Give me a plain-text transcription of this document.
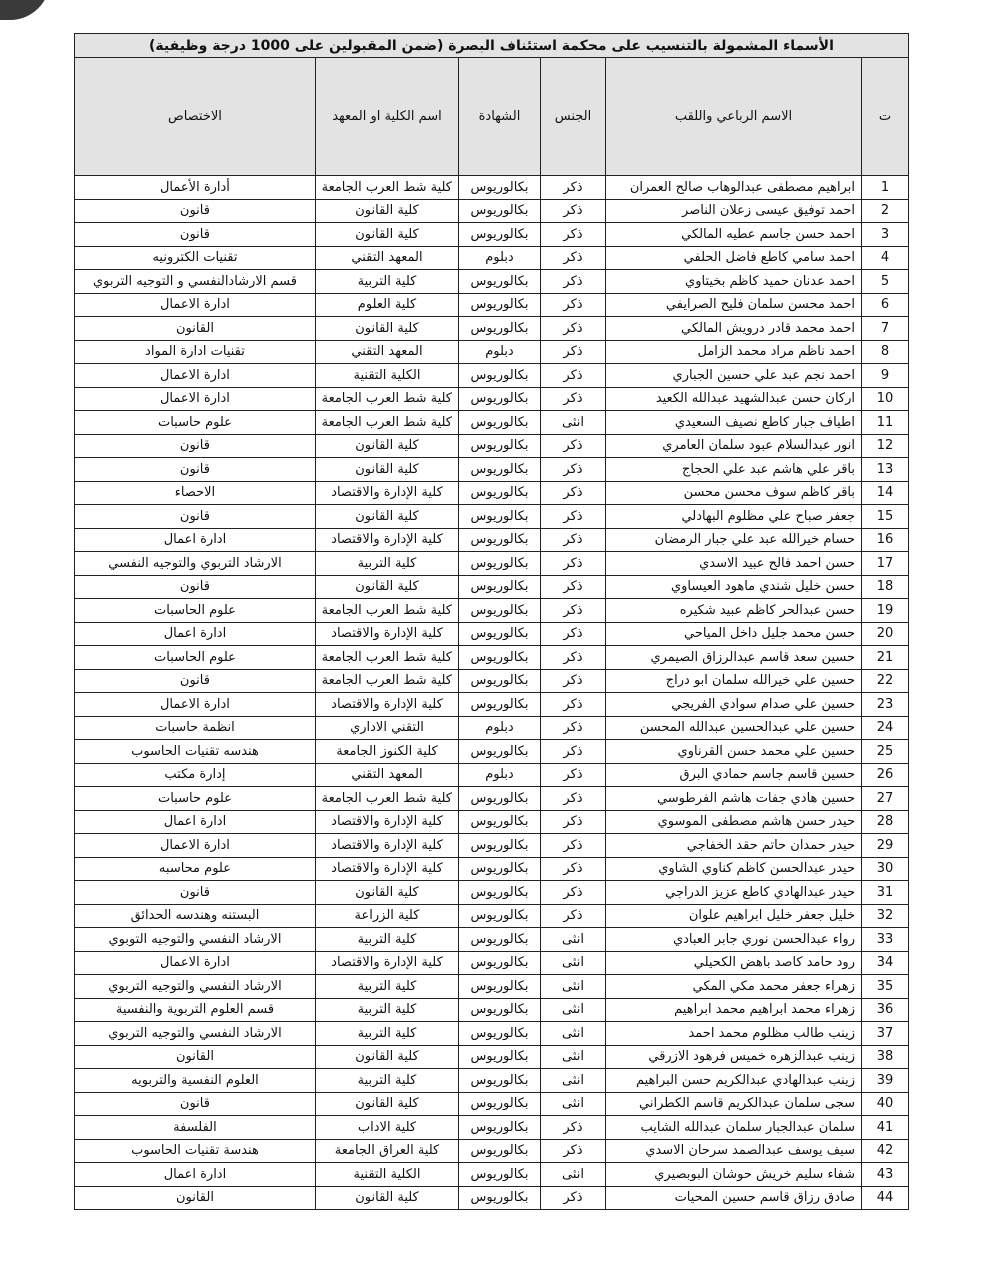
الأسماء المشمولة بالتنسيب على محكمة استئناف البصرة (ضمن المقبولين على 1000 درجة وظيفية)					
ت	الاسم الرباعي واللقب	الجنس	الشهادة	اسم الكلية او المعهد	الاختصاص
1	ابراهيم مصطفى عبدالوهاب صالح العمران	ذكر	بكالوريوس	كلية شط العرب الجامعة	أدارة الأعمال
2	احمد توفيق عيسى زعلان الناصر	ذكر	بكالوريوس	كلية القانون	قانون
3	احمد حسن جاسم عطيه المالكي	ذكر	بكالوريوس	كلية القانون	قانون
4	احمد سامي كاطع فاضل الحلفي	ذكر	دبلوم	المعهد التقني	تقنيات الكترونيه
5	احمد عدنان حميد كاظم بخيتاوي	ذكر	بكالوريوس	كلية التربية	قسم الارشادالنفسي و التوجيه التربوي
6	احمد محسن سلمان فليح الصرايفي	ذكر	بكالوريوس	كلية العلوم	ادارة الاعمال
7	احمد محمد قادر درويش المالكي	ذكر	بكالوريوس	كلية القانون	القانون
8	احمد ناظم مراد محمد الزامل	ذكر	دبلوم	المعهد التقني	تقنيات ادارة المواد
9	احمد نجم عبد علي حسين الجباري	ذكر	بكالوريوس	الكلية التقنية	ادارة الاعمال
10	اركان حسن عبدالشهيد عبدالله الكعيد	ذكر	بكالوريوس	كلية شط العرب الجامعة	ادارة الاعمال
11	اطياف جبار كاطع نصيف السعيدي	انثى	بكالوريوس	كلية شط العرب الجامعة	علوم حاسبات
12	انور عبدالسلام عبود سلمان العامري	ذكر	بكالوريوس	كلية القانون	قانون
13	باقر علي هاشم عبد علي الحجاج	ذكر	بكالوريوس	كلية القانون	قانون
14	باقر كاظم سوف محسن محسن	ذكر	بكالوريوس	كلية الإدارة والاقتصاد	الاحصاء
15	جعفر صباح علي مظلوم البهادلي	ذكر	بكالوريوس	كلية القانون	قانون
16	حسام خيرالله عبد علي جبار الرمضان	ذكر	بكالوريوس	كلية الإدارة والاقتصاد	ادارة اعمال
17	حسن احمد فالح عبيد الاسدي	ذكر	بكالوريوس	كلية التربية	الارشاد التربوي والتوجيه النفسي
18	حسن خليل شندي ماهود العيساوي	ذكر	بكالوريوس	كلية القانون	قانون
19	حسن عبدالحر كاظم عبيد شكيره	ذكر	بكالوريوس	كلية شط العرب الجامعة	علوم الحاسبات
20	حسن محمد جليل داخل المياحي	ذكر	بكالوريوس	كلية الإدارة والاقتصاد	ادارة اعمال
21	حسين سعد قاسم عبدالرزاق الصيمري	ذكر	بكالوريوس	كلية شط العرب الجامعة	علوم الحاسبات
22	حسين علي خيرالله سلمان ابو دراج	ذكر	بكالوريوس	كلية شط العرب الجامعة	قانون
23	حسين علي صدام سوادي الفريجي	ذكر	بكالوريوس	كلية الإدارة والاقتصاد	ادارة الاعمال
24	حسين علي عبدالحسين عبدالله المحسن	ذكر	دبلوم	التقني الاداري	انظمة حاسبات
25	حسين علي محمد حسن القرناوي	ذكر	بكالوريوس	كلية الكنوز الجامعة	هندسه تقنيات الحاسوب
26	حسين قاسم جاسم حمادي البرق	ذكر	دبلوم	المعهد التقني	إدارة مكتب
27	حسين هادي جفات هاشم الفرطوسي	ذكر	بكالوريوس	كلية شط العرب الجامعة	علوم حاسبات
28	حيدر حسن هاشم مصطفى الموسوي	ذكر	بكالوريوس	كلية الإدارة والاقتصاد	ادارة اعمال
29	حيدر حمدان حاتم حقد الخفاجي	ذكر	بكالوريوس	كلية الإدارة والاقتصاد	ادارة الاعمال
30	حيدر عبدالحسن كاظم كناوي الشاوي	ذكر	بكالوريوس	كلية الإدارة والاقتصاد	علوم محاسبه
31	حيدر عبدالهادي كاطع عزيز الدراجي	ذكر	بكالوريوس	كلية القانون	قانون
32	خليل جعفر خليل ابراهيم علوان	ذكر	بكالوريوس	كلية الزراعة	البستنه وهندسه الحدائق
33	رواء عبدالحسن نوري جابر العبادي	انثى	بكالوريوس	كلية التربية	الارشاد النفسي والتوجيه التوبوي
34	رود حامد كاصد باهض الكحيلي	انثى	بكالوريوس	كلية الإدارة والاقتصاد	ادارة الاعمال
35	زهراء جعفر محمد مكي المكي	انثى	بكالوريوس	كلية التربية	الارشاد النفسي والتوجيه التربوي
36	زهراء محمد ابراهيم محمد ابراهيم	انثى	بكالوريوس	كلية التربية	قسم العلوم التربوية والنفسية
37	زينب طالب مظلوم محمد احمد	انثى	بكالوريوس	كلية التربية	الارشاد النفسي والتوجيه التربوي
38	زينب عبدالزهره خميس فرهود الازرقي	انثى	بكالوريوس	كلية القانون	القانون
39	زينب عبدالهادي عبدالكريم حسن البراهيم	انثى	بكالوريوس	كلية التربية	العلوم النفسية والتربويه
40	سجى سلمان عبدالكريم قاسم الكطراني	انثى	بكالوريوس	كلية القانون	قانون
41	سلمان عبدالجبار سلمان عبدالله الشايب	ذكر	بكالوريوس	كلية الاداب	الفلسفة
42	سيف يوسف عبدالصمد سرحان الاسدي	ذكر	بكالوريوس	كلية العراق الجامعة	هندسة تقنيات الحاسوب
43	شفاء سليم خريش حوشان البوبصيري	انثى	بكالوريوس	الكلية التقنية	ادارة اعمال
44	صادق رزاق قاسم حسين المحيات	ذكر	بكالوريوس	كلية القانون	القانون
